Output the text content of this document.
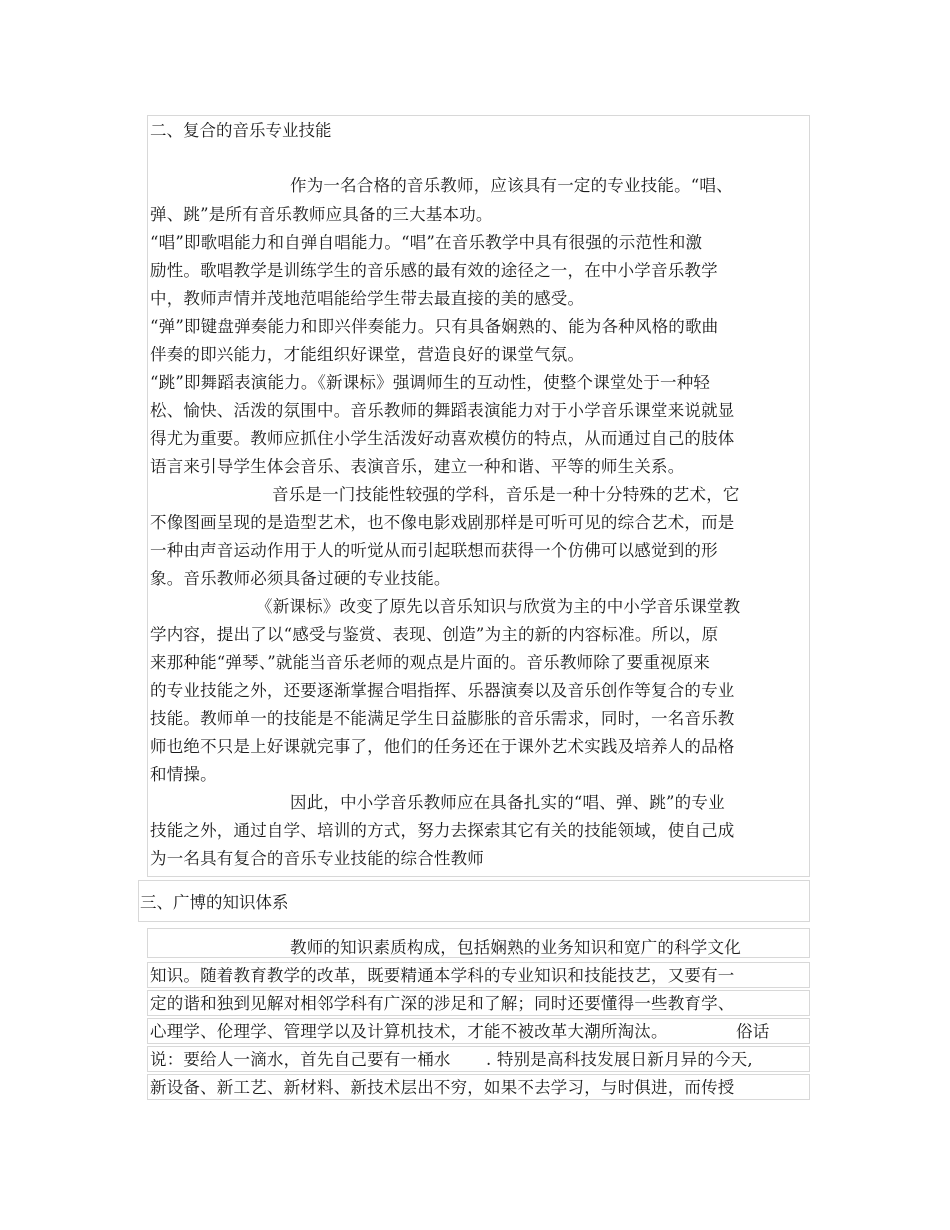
二、复合的音乐专业技能
作为一名合格的音乐教师，应该具有一定的专业技能。“唱、
弹、跳”是所有音乐教师应具备的三大基本功。
“唱”即歌唱能力和自弹自唱能力。“唱”在音乐教学中具有很强的示范性和激
励性。歌唱教学是训练学生的音乐感的最有效的途径之一，在中小学音乐教学
中，教师声情并茂地范唱能给学生带去最直接的美的感受。
“弹”即键盘弹奏能力和即兴伴奏能力。只有具备娴熟的、能为各种风格的歌曲
伴奏的即兴能力，才能组织好课堂，营造良好的课堂气氛。
“跳”即舞蹈表演能力。《新课标》强调师生的互动性，使整个课堂处于一种轻
松、愉快、活泼的氛围中。音乐教师的舞蹈表演能力对于小学音乐课堂来说就显
得尤为重要。教师应抓住小学生活泼好动喜欢模仿的特点，从而通过自己的肢体
语言来引导学生体会音乐、表演音乐，建立一种和谐、平等的师生关系。
音乐是一门技能性较强的学科，音乐是一种十分特殊的艺术，它
不像图画呈现的是造型艺术，也不像电影戏剧那样是可听可见的综合艺术，而是
一种由声音运动作用于人的听觉从而引起联想而获得一个仿佛可以感觉到的形
象。音乐教师必须具备过硬的专业技能。
《新课标》改变了原先以音乐知识与欣赏为主的中小学音乐课堂教
学内容，提出了以“感受与鉴赏、表现、创造”为主的新的内容标准。所以，原
来那种能“弹琴、”就能当音乐老师的观点是片面的。音乐教师除了要重视原来
的专业技能之外，还要逐渐掌握合唱指挥、乐器演奏以及音乐创作等复合的专业
技能。教师单一的技能是不能满足学生日益膨胀的音乐需求，同时，一名音乐教
师也绝不只是上好课就完事了，他们的任务还在于课外艺术实践及培养人的品格
和情操。
因此，中小学音乐教师应在具备扎实的“唱、弹、跳”的专业
技能之外，通过自学、培训的方式，努力去探索其它有关的技能领域，使自己成
为一名具有复合的音乐专业技能的综合性教师
三、广博的知识体系
教师的知识素质构成，包括娴熟的业务知识和宽广的科学文化
知识。随着教育教学的改革，既要精通本学科的专业知识和技能技艺，又要有一
定的谐和独到见解对相邻学科有广深的涉足和了解；同时还要懂得一些教育学、
心理学、伦理学、管理学以及计算机技术，才能不被改革大潮所淘汰。	俗话
说：要给人一滴水，首先自己要有一桶水 . 特别是高科技发展日新月异的今天,
新设备、新工艺、新材料、新技术层出不穷，如果不去学习，与时俱进，而传授
